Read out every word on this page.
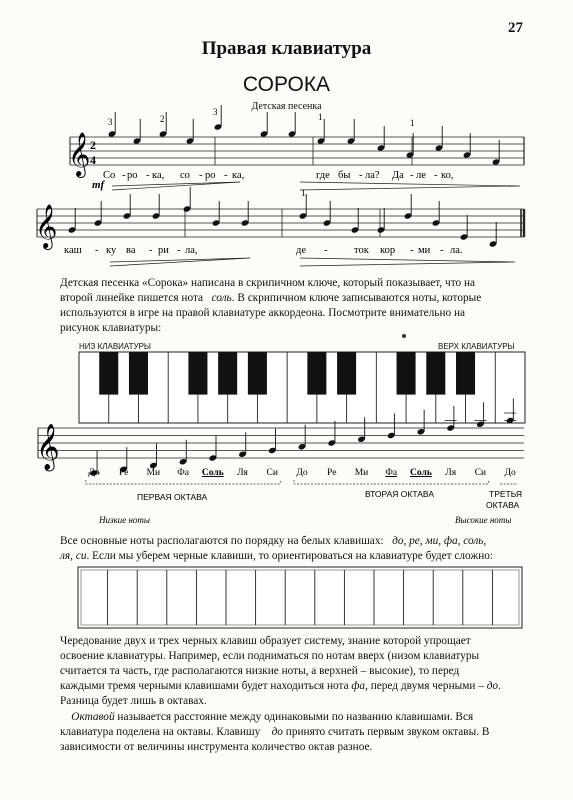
27
Правая клавиатура
СОРОКА
Детская песенка
𝄞 2
4
3	2
3	1
1
mf
Со - ро - ка, со - ро - ка,	где бы - ла? Да - ле - ко,
𝄞
1
каш - ку ва - ри - ла,	де -	ток кор - ми - ла.
𝄞
До Ре Ми Фа Соль Ля Си До Ре Ми Фа Соль Ля Си До
ПЕРВАЯ ОКТАВА	ВТОРАЯ ОКТАВА	ТРЕТЬЯ
ОКТАВА
Низкие ноты	Высокие ноты
Детская песенка «Сорока» написана в скрипичном ключе, который показывает, что на
второй линейке пишется нота соль. В скрипичном ключе записываются ноты, которые
используются в игре на правой клавиатуре аккордеона. Посмотрите внимательно на
рисунок клавиатуры:
НИЗ КЛАВИАТУРЫ	ВЕРХ КЛАВИАТУРЫ
Все основные ноты располагаются по порядку на белых клавишах: до, ре, ми, фа, соль,
ля, си. Если мы уберем черные клавиши, то ориентироваться на клавиатуре будет сложно:
Чередование двух и трех черных клавиш образует систему, знание которой упрощает
освоение клавиатуры. Например, если подниматься по нотам вверх (низом клавиатуры
считается та часть, где располагаются низкие ноты, а верхней – высокие), то перед
каждыми тремя черными клавишами будет находиться нота фа, перед двумя черными – до.
Разница будет лишь в октавах.
Октавой называется расстояние между одинаковыми по названию клавишами. Вся
клавиатура поделена на октавы. Клавишу до принято считать первым звуком октавы. В
зависимости от величины инструмента количество октав разное.
